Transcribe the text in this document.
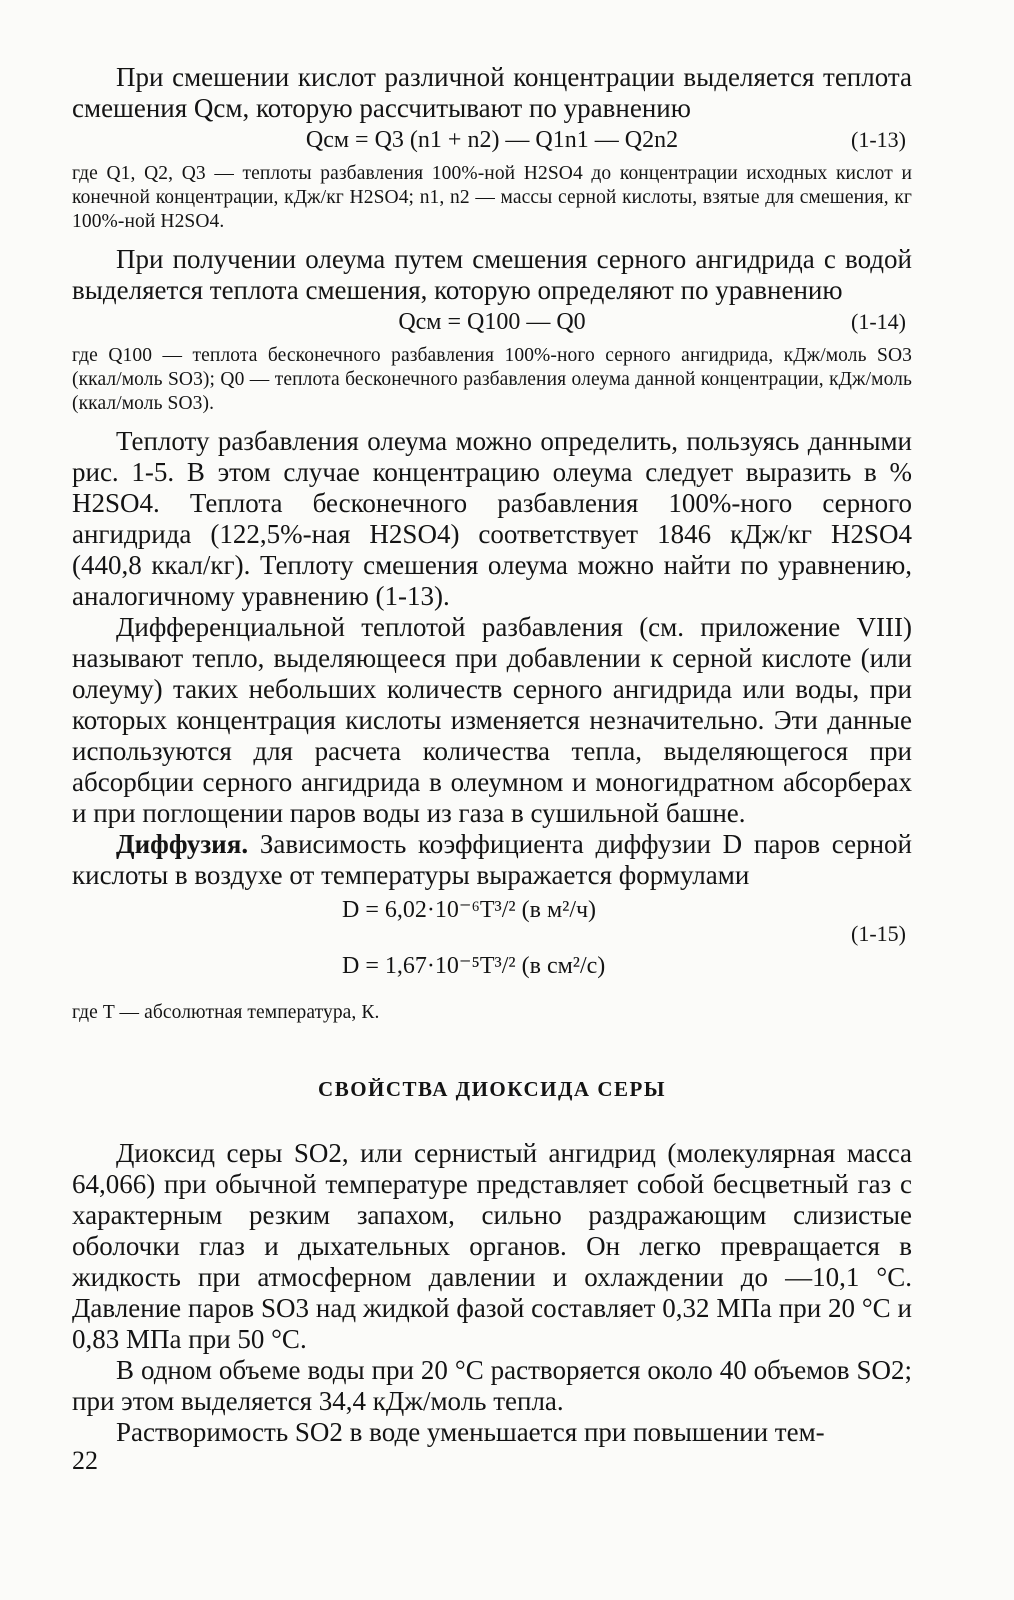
При смешении кислот различной концентрации выделяется теплота смешения Qсм, которую рассчитывают по уравнению

Qсм = Q3 (n1 + n2) — Q1n1 — Q2n2	(1-13)

где Q1, Q2, Q3 — теплоты разбавления 100%-ной H2SO4 до концентрации исходных кислот и конечной концентрации, кДж/кг H2SO4; n1, n2 — массы серной кислоты, взятые для смешения, кг 100%-ной H2SO4.

При получении олеума путем смешения серного ангидрида с водой выделяется теплота смешения, которую определяют по уравнению

Qсм = Q100 — Q0	(1-14)

где Q100 — теплота бесконечного разбавления 100%-ного серного ангидрида, кДж/моль SO3 (ккал/моль SO3); Q0 — теплота бесконечного разбавления олеума данной концентрации, кДж/моль (ккал/моль SO3).

Теплоту разбавления олеума можно определить, пользуясь данными рис. 1-5. В этом случае концентрацию олеума следует выразить в % H2SO4. Теплота бесконечного разбавления 100%-ного серного ангидрида (122,5%-ная H2SO4) соответствует 1846 кДж/кг H2SO4 (440,8 ккал/кг). Теплоту смешения олеума можно найти по уравнению, аналогичному уравнению (1-13).

Дифференциальной теплотой разбавления (см. приложение VIII) называют тепло, выделяющееся при добавлении к серной кислоте (или олеуму) таких небольших количеств серного ангидрида или воды, при которых концентрация кислоты изменяется незначительно. Эти данные используются для расчета количества тепла, выделяющегося при абсорбции серного ангидрида в олеумном и моногидратном абсорберах и при поглощении паров воды из газа в сушильной башне.

Диффузия. Зависимость коэффициента диффузии D паров серной кислоты в воздухе от температуры выражается формулами

D = 6,02·10⁻⁶T³/² (в м²/ч)
D = 1,67·10⁻⁵T³/² (в см²/с)
(1-15)

где T — абсолютная температура, К.

СВОЙСТВА ДИОКСИДА СЕРЫ

Диоксид серы SO2, или сернистый ангидрид (молекулярная масса 64,066) при обычной температуре представляет собой бесцветный газ с характерным резким запахом, сильно раздражающим слизистые оболочки глаз и дыхательных органов. Он легко превращается в жидкость при атмосферном давлении и охлаждении до —10,1 °C. Давление паров SO3 над жидкой фазой составляет 0,32 МПа при 20 °C и 0,83 МПа при 50 °C.

В одном объеме воды при 20 °C растворяется около 40 объемов SO2; при этом выделяется 34,4 кДж/моль тепла.

Растворимость SO2 в воде уменьшается при повышении тем-

22
